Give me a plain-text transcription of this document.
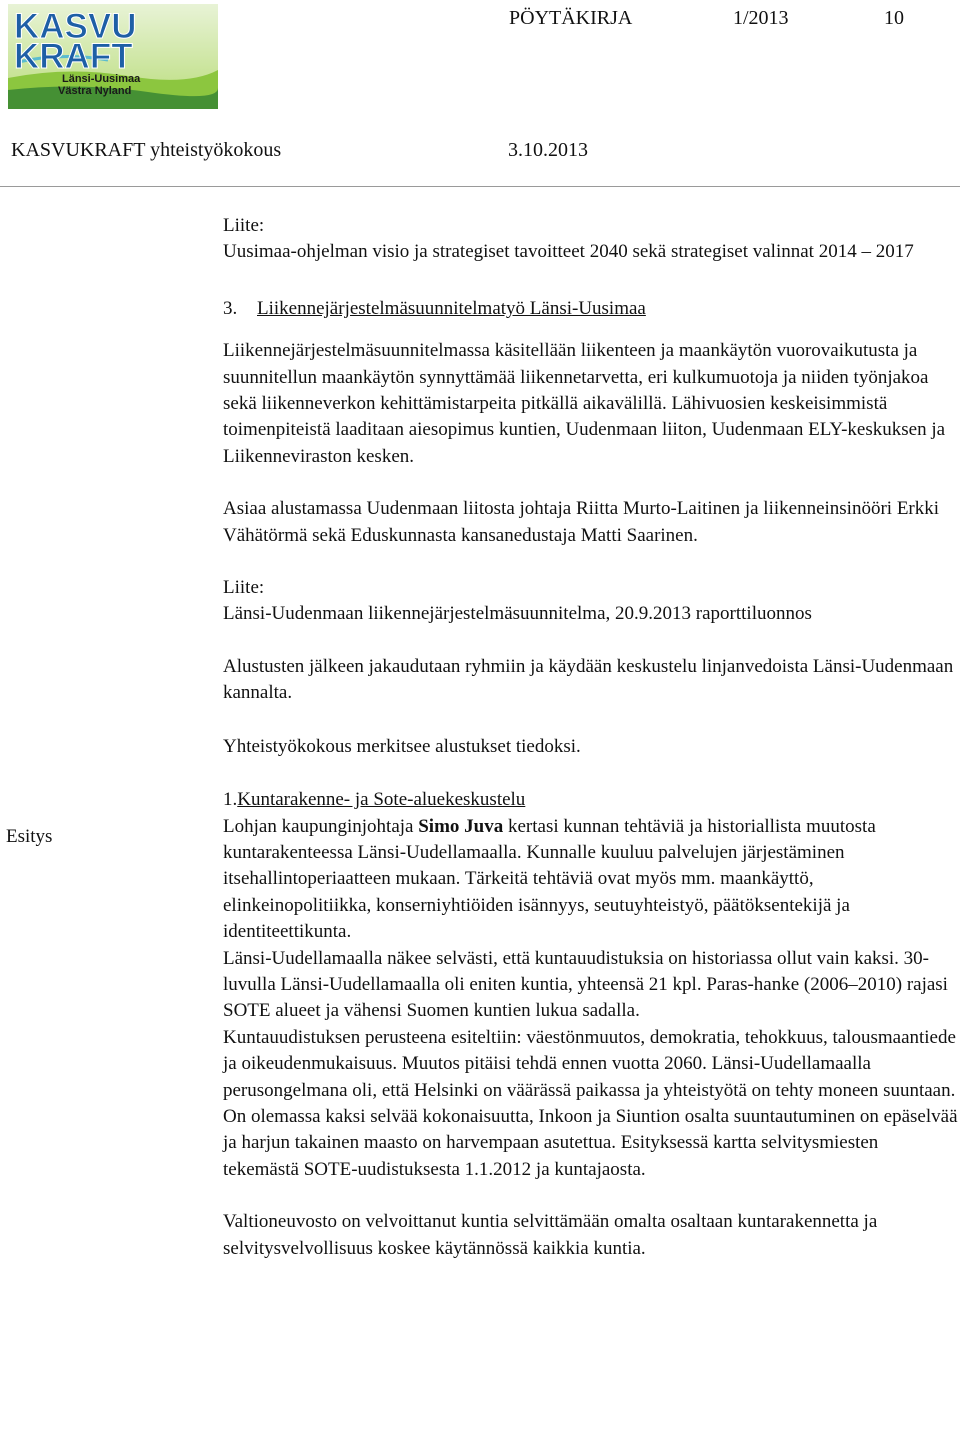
KASVU
KRAFT
Länsi-Uusimaa
Västra Nyland
PÖYTÄKIRJA	1/2013	10
KASVUKRAFT yhteistyökokous	3.10.2013
Esitys

Liite:

Uusimaa-ohjelman visio ja strategiset tavoitteet 2040 sekä strategiset valinnat 2014 – 2017

3. Liikennejärjestelmäsuunnitelmatyö Länsi-Uusimaa

Liikennejärjestelmäsuunnitelmassa käsitellään liikenteen ja maankäytön vuorovaikutusta ja suunnitellun maankäytön synnyttämää liikennetarvetta, eri kulkumuotoja ja niiden työnjakoa sekä liikenneverkon kehittämistarpeita pitkällä aikavälillä. Lähivuosien keskeisimmistä toimenpiteistä laaditaan aiesopimus kuntien, Uudenmaan liiton, Uudenmaan ELY-keskuksen ja Liikenneviraston kesken.

Asiaa alustamassa Uudenmaan liitosta johtaja Riitta Murto-Laitinen ja liikenneinsinööri Erkki Vähätörmä sekä Eduskunnasta kansanedustaja Matti Saarinen.

Liite:

Länsi-Uudenmaan liikennejärjestelmäsuunnitelma, 20.9.2013 raporttiluonnos

Alustusten jälkeen jakaudutaan ryhmiin ja käydään keskustelu linjanvedoista Länsi-Uudenmaan kannalta.

Yhteistyökokous merkitsee alustukset tiedoksi.

1.Kuntarakenne- ja Sote-aluekeskustelu

Lohjan kaupunginjohtaja Simo Juva kertasi kunnan tehtäviä ja historiallista muutosta kuntarakenteessa Länsi-Uudellamaalla. Kunnalle kuuluu palvelujen järjestäminen itsehallintoperiaatteen mukaan. Tärkeitä tehtäviä ovat myös mm. maankäyttö, elinkeinopolitiikka, konserniyhtiöiden isännyys, seutuyhteistyö, päätöksentekijä ja identiteettikunta.

Länsi-Uudellamaalla näkee selvästi, että kuntauudistuksia on historiassa ollut vain kaksi. 30-luvulla Länsi-Uudellamaalla oli eniten kuntia, yhteensä 21 kpl. Paras-hanke (2006–2010) rajasi SOTE alueet ja vähensi Suomen kuntien lukua sadalla.

Kuntauudistuksen perusteena esiteltiin: väestönmuutos, demokratia, tehokkuus, talousmaantiede ja oikeudenmukaisuus. Muutos pitäisi tehdä ennen vuotta 2060. Länsi-Uudellamaalla perusongelmana oli, että Helsinki on väärässä paikassa ja yhteistyötä on tehty moneen suuntaan.

On olemassa kaksi selvää kokonaisuutta, Inkoon ja Siuntion osalta suuntautuminen on epäselvää ja harjun takainen maasto on harvempaan asutettua. Esityksessä kartta selvitysmiesten tekemästä SOTE-uudistuksesta 1.1.2012 ja kuntajaosta.

Valtioneuvosto on velvoittanut kuntia selvittämään omalta osaltaan kuntarakennetta ja selvitysvelvollisuus koskee käytännössä kaikkia kuntia.
